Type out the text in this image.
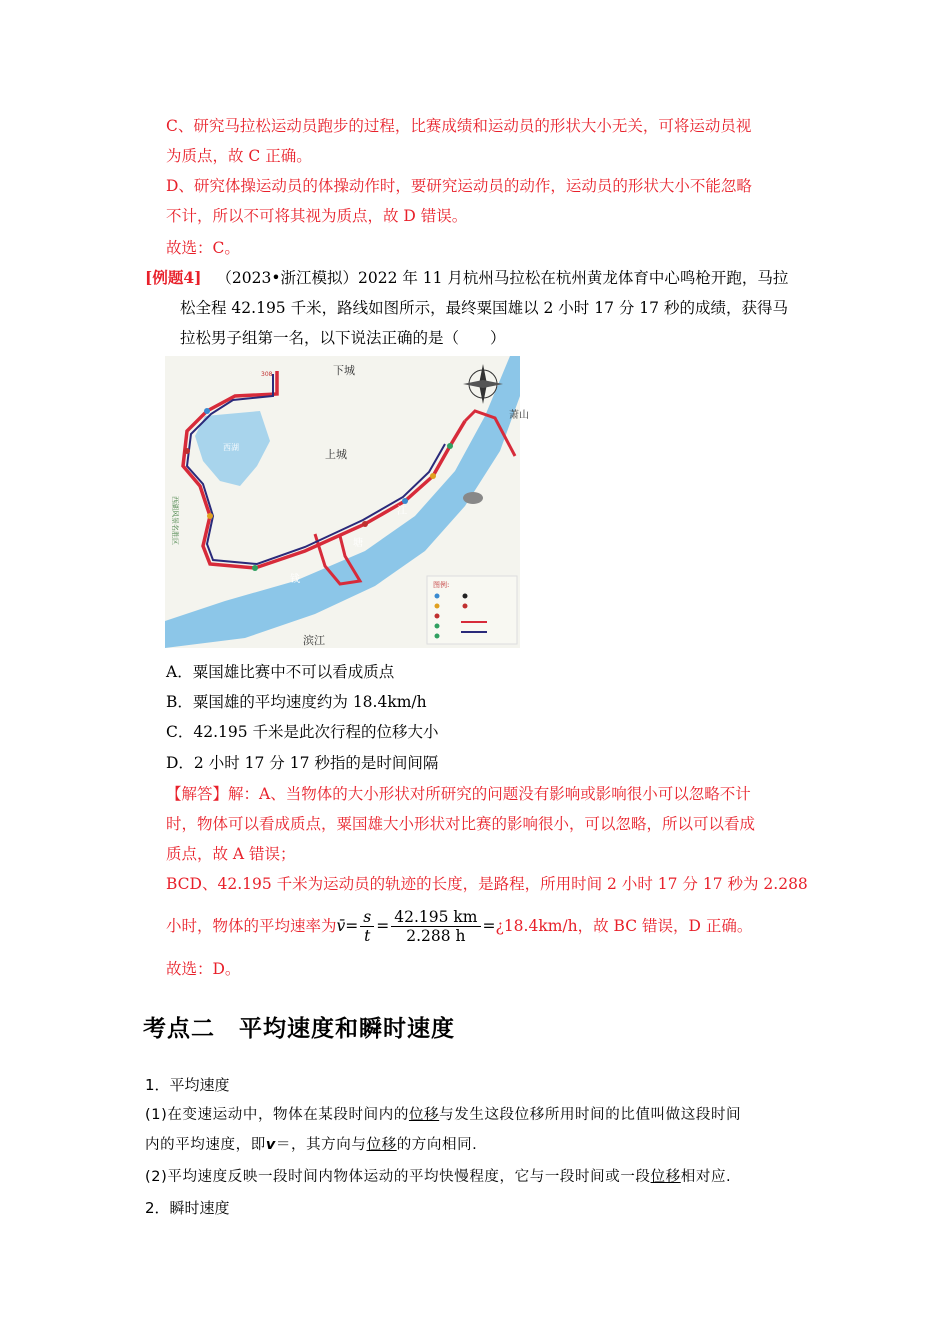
C、研究马拉松运动员跑步的过程，比赛成绩和运动员的形状大小无关，可将运动员视
为质点，故 C 正确。
D、研究体操运动员的体操动作时，要研究运动员的动作，运动员的形状大小不能忽略
不计，所以不可将其视为质点，故 D 错误。
故选：C。
[例题4] （2023•浙江模拟）2022 年 11 月杭州马拉松在杭州黄龙体育中心鸣枪开跑，马拉
松全程 42.195 千米，路线如图所示，最终粟国雄以 2 小时 17 分 17 秒的成绩，获得马
拉松男子组第一名，以下说法正确的是（　　）
下城
上城
滨江
西湖
钱
塘
江
萧山
图例:
308
西湖风景名胜区
A．粟国雄比赛中不可以看成质点
B．粟国雄的平均速度约为 18.4km/h
C．42.195 千米是此次行程的位移大小
D．2 小时 17 分 17 秒指的是时间间隔
【解答】解：A、当物体的大小形状对所研究的问题没有影响或影响很小可以忽略不计
时，物体可以看成质点，粟国雄大小形状对比赛的影响很小，可以忽略，所以可以看成
质点，故 A 错误；
BCD、42.195 千米为运动员的轨迹的长度，是路程，所用时间 2 小时 17 分 17 秒为 2.288
小时，物体的平均速率为 v̄ = $\frac{s}{t} = \frac{42.195 km}{2.288 h}$ = ¿18.4km/h，故 BC 错误，D 正确。
故选：D。
考点二　平均速度和瞬时速度
1．平均速度
(1)在变速运动中，物体在某段时间内的位移与发生这段位移所用时间的比值叫做这段时间
内的平均速度，即v＝，其方向与位移的方向相同.
(2)平均速度反映一段时间内物体运动的平均快慢程度，它与一段时间或一段位移相对应.
2．瞬时速度
